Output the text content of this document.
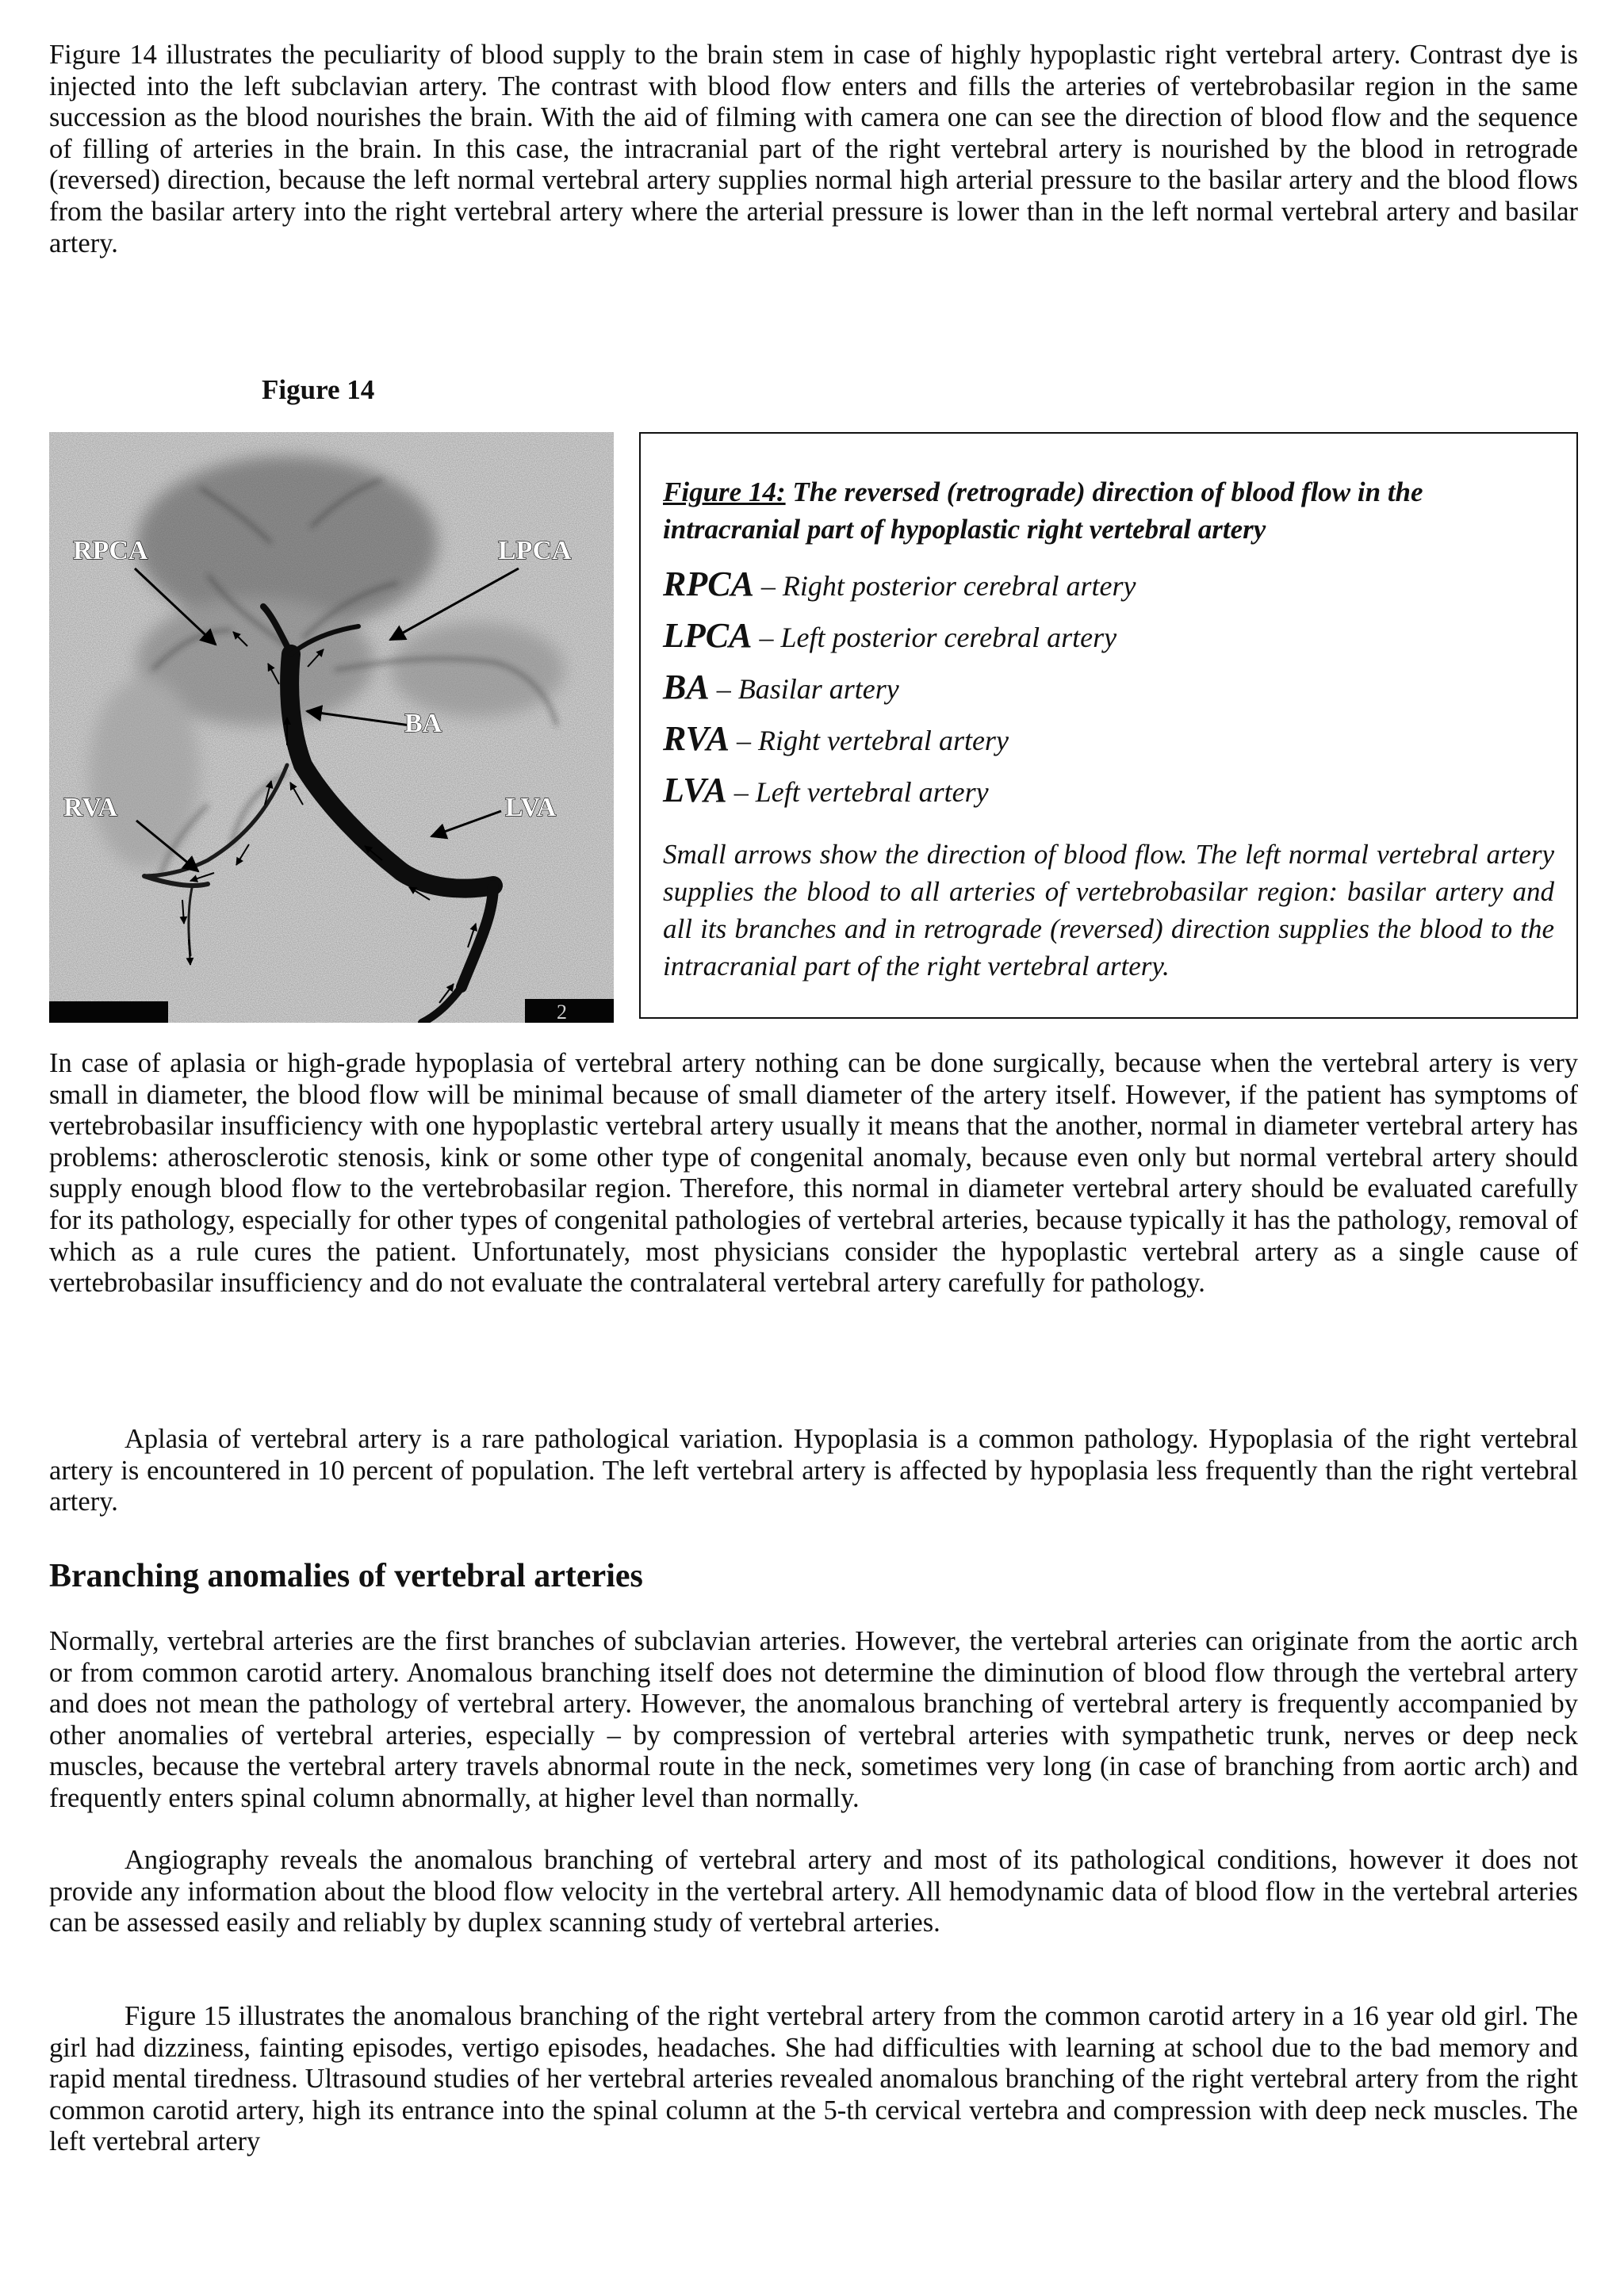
Figure 14 illustrates the peculiarity of blood supply to the brain stem in case of highly hypoplastic right vertebral artery. Contrast dye is injected into the left subclavian artery. The contrast with blood flow enters and fills the arteries of vertebrobasilar region in the same succession as the blood nourishes the brain. With the aid of filming with camera one can see the direction of blood flow and the sequence of filling of arteries in the brain. In this case, the intracranial part of the right vertebral artery is nourished by the blood in retrograde (reversed) direction, because the left normal vertebral artery supplies normal high arterial pressure to the basilar artery and the blood flows from the basilar artery into the right vertebral artery where the arterial pressure is lower than in the left normal vertebral artery and basilar artery.

Figure 14
RPCA	LPCA
BA
RVA	LVA
2

Figure 14: The reversed (retrograde) direction of blood flow in the intracranial part of hypoplastic right vertebral artery

RPCA – Right posterior cerebral artery

LPCA – Left posterior cerebral artery

BA – Basilar artery

RVA – Right vertebral artery

LVA – Left vertebral artery

Small arrows show the direction of blood flow. The left normal vertebral artery supplies the blood to all arteries of vertebrobasilar region: basilar artery and all its branches and in retrograde (reversed) direction supplies the blood to the intracranial part of the right vertebral artery.

In case of aplasia or high-grade hypoplasia of vertebral artery nothing can be done surgically, because when the vertebral artery is very small in diameter, the blood flow will be minimal because of small diameter of the artery itself. However, if the patient has symptoms of vertebrobasilar insufficiency with one hypoplastic vertebral artery usually it means that the another, normal in diameter vertebral artery has problems: atherosclerotic stenosis, kink or some other type of congenital anomaly, because even only but normal vertebral artery should supply enough blood flow to the vertebrobasilar region. Therefore, this normal in diameter vertebral artery should be evaluated carefully for its pathology, especially for other types of congenital pathologies of vertebral arteries, because typically it has the pathology, removal of which as a rule cures the patient. Unfortunately, most physicians consider the hypoplastic vertebral artery as a single cause of vertebrobasilar insufficiency and do not evaluate the contralateral vertebral artery carefully for pathology.

Aplasia of vertebral artery is a rare pathological variation. Hypoplasia is a common pathology. Hypoplasia of the right vertebral artery is encountered in 10 percent of population. The left vertebral artery is affected by hypoplasia less frequently than the right vertebral artery.

Branching anomalies of vertebral arteries

Normally, vertebral arteries are the first branches of subclavian arteries. However, the vertebral arteries can originate from the aortic arch or from common carotid artery. Anomalous branching itself does not determine the diminution of blood flow through the vertebral artery and does not mean the pathology of vertebral artery. However, the anomalous branching of vertebral artery is frequently accompanied by other anomalies of vertebral arteries, especially – by compression of vertebral arteries with sympathetic trunk, nerves or deep neck muscles, because the vertebral artery travels abnormal route in the neck, sometimes very long (in case of branching from aortic arch) and frequently enters spinal column abnormally, at higher level than normally.

Angiography reveals the anomalous branching of vertebral artery and most of its pathological conditions, however it does not provide any information about the blood flow velocity in the vertebral artery. All hemodynamic data of blood flow in the vertebral arteries can be assessed easily and reliably by duplex scanning study of vertebral arteries.

Figure 15 illustrates the anomalous branching of the right vertebral artery from the common carotid artery in a 16 year old girl. The girl had dizziness, fainting episodes, vertigo episodes, headaches. She had difficulties with learning at school due to the bad memory and rapid mental tiredness. Ultrasound studies of her vertebral arteries revealed anomalous branching of the right vertebral artery from the right common carotid artery, high its entrance into the spinal column at the 5-th cervical vertebra and compression with deep neck muscles. The left vertebral artery
